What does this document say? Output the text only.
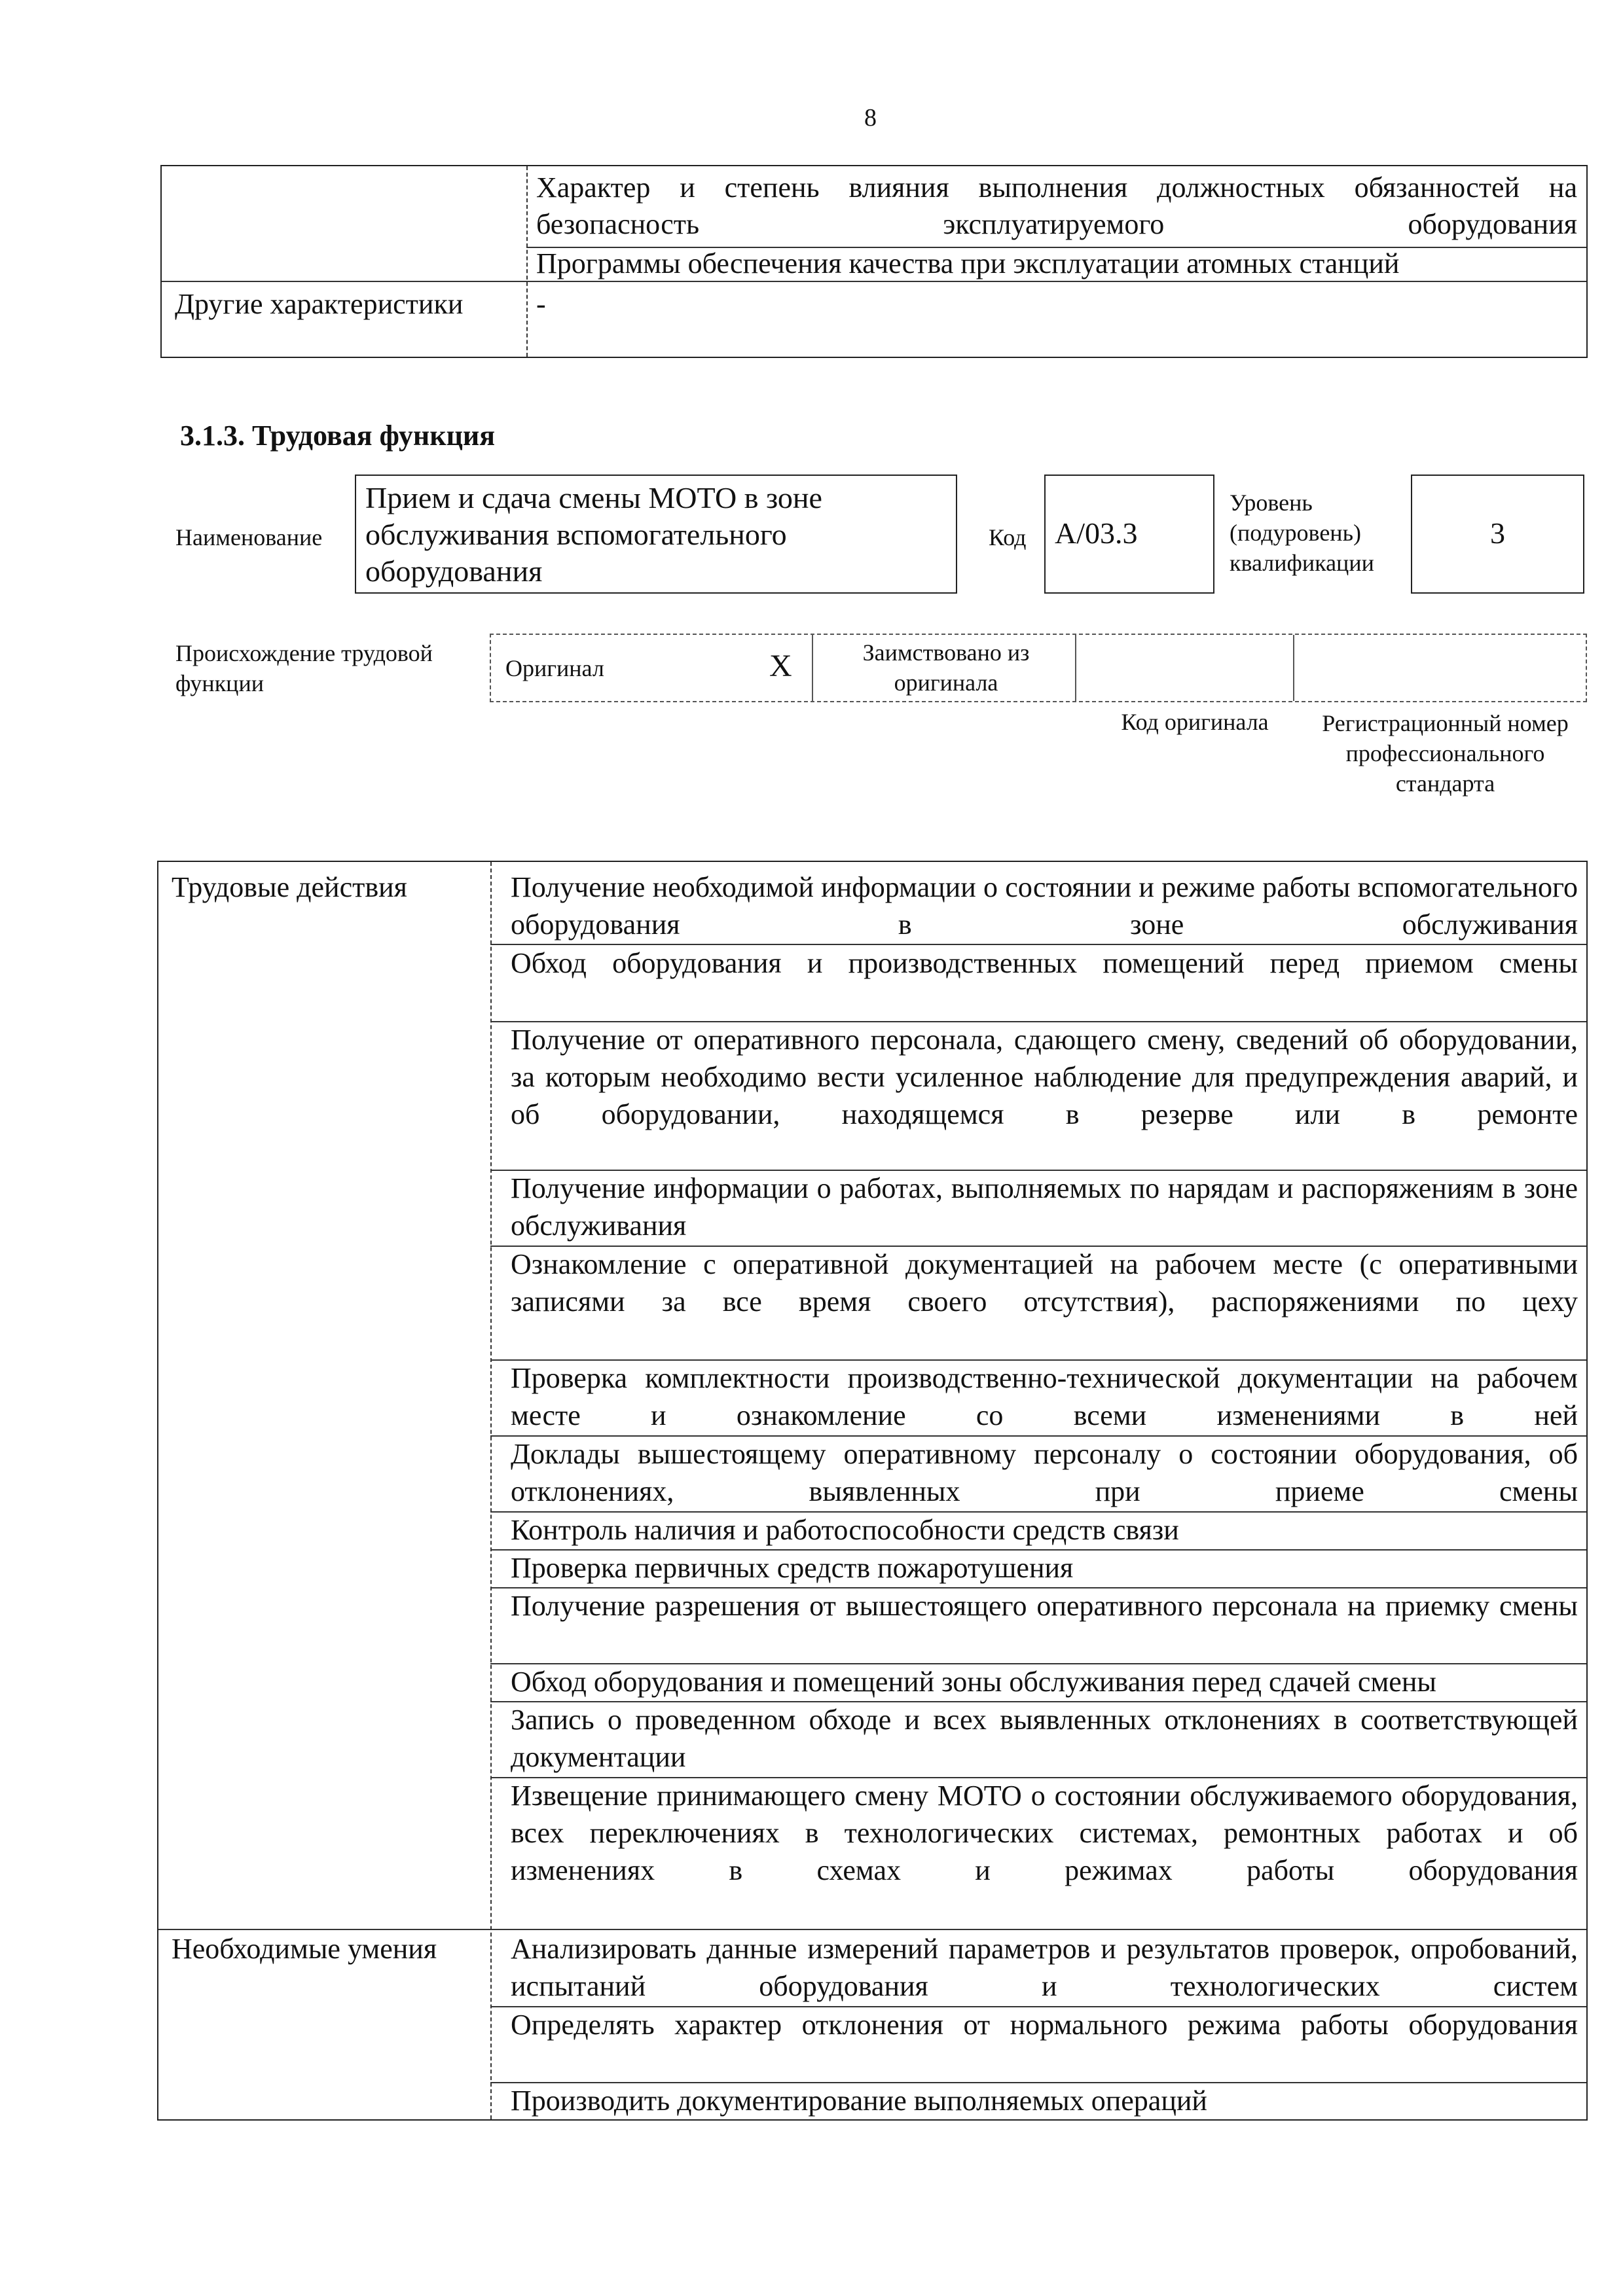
8
Характер и степень влияния выполнения должностных обязанностей на безопасность эксплуатируемого оборудования
Программы обеспечения качества при эксплуатации атомных станций
Другие характеристики	-
3.1.3. Трудовая функция
Наименование
Прием и сдача смены МОТО в зоне обслуживания вспомогательного оборудования
Код A/03.3
Уровень (подуровень) квалификации
3
Происхождение трудовой функции
Оригинал	X	Заимствовано из оригинала
Код оригинала	Регистрационный номер профессионального стандарта
Трудовые действия	Получение необходимой информации о состоянии и режиме работы вспомогательного оборудования в зоне обслуживания
Обход оборудования и производственных помещений перед приемом смены
Получение от оперативного персонала, сдающего смену, сведений об оборудовании, за которым необходимо вести усиленное наблюдение для предупреждения аварий, и об оборудовании, находящемся в резерве или в ремонте
Получение информации о работах, выполняемых по нарядам и распоряжениям в зоне обслуживания
Ознакомление с оперативной документацией на рабочем месте (с оперативными записями за все время своего отсутствия), распоряжениями по цеху
Проверка комплектности производственно-технической документации на рабочем месте и ознакомление со всеми изменениями в ней
Доклады вышестоящему оперативному персоналу о состоянии оборудования, об отклонениях, выявленных при приеме смены
Контроль наличия и работоспособности средств связи
Проверка первичных средств пожаротушения
Получение разрешения от вышестоящего оперативного персонала на приемку смены
Обход оборудования и помещений зоны обслуживания перед сдачей смены
Запись о проведенном обходе и всех выявленных отклонениях в соответствующей документации
Извещение принимающего смену МОТО о состоянии обслуживаемого оборудования, всех переключениях в технологических системах, ремонтных работах и об изменениях в схемах и режимах работы оборудования
Необходимые умения	Анализировать данные измерений параметров и результатов проверок, опробований, испытаний оборудования и технологических систем
Определять характер отклонения от нормального режима работы оборудования
Производить документирование выполняемых операций
